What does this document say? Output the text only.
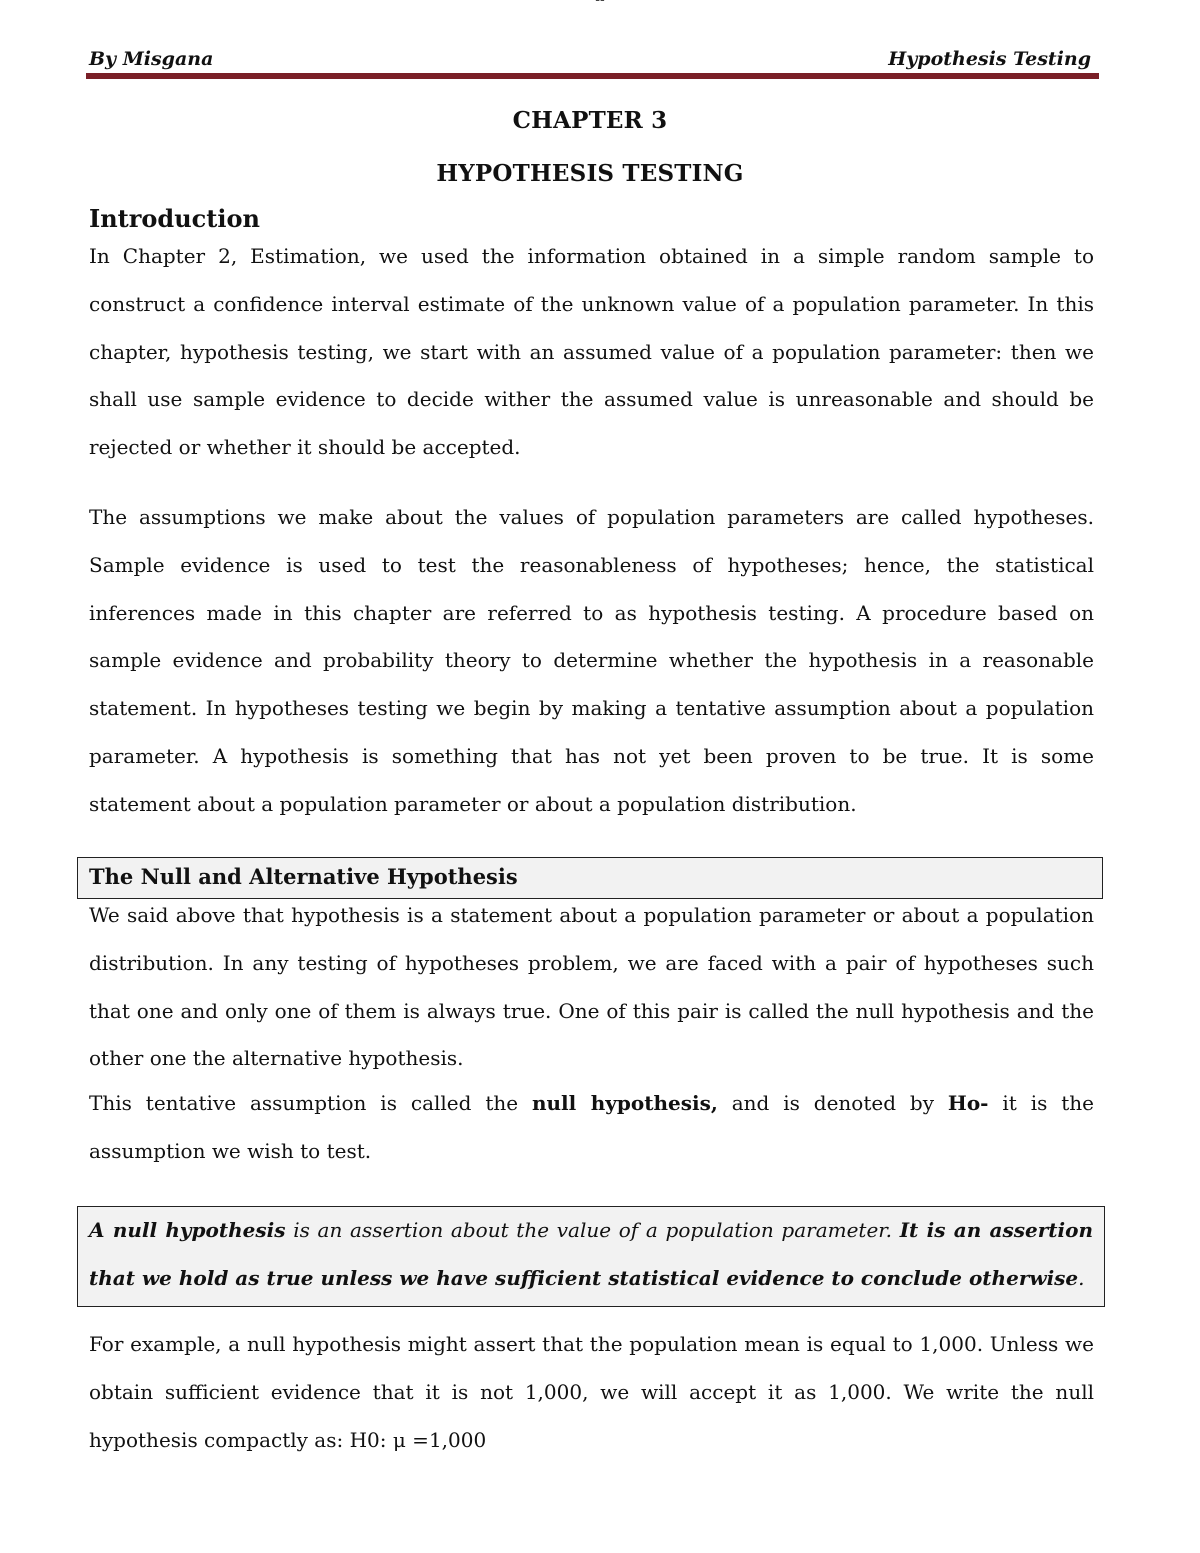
--
By Misgana	Hypothesis Testing
CHAPTER 3
HYPOTHESIS TESTING
Introduction

In Chapter 2, Estimation, we used the information obtained in a simple random sample to construct a confidence interval estimate of the unknown value of a population parameter. In this chapter, hypothesis testing, we start with an assumed value of a population parameter: then we shall use sample evidence to decide wither the assumed value is unreasonable and should be rejected or whether it should be accepted.

The assumptions we make about the values of population parameters are called hypotheses. Sample evidence is used to test the reasonableness of hypotheses; hence, the statistical inferences made in this chapter are referred to as hypothesis testing. A procedure based on sample evidence and probability theory to determine whether the hypothesis in a reasonable statement. In hypotheses testing we begin by making a tentative assumption about a population parameter. A hypothesis is something that has not yet been proven to be true. It is some statement about a population parameter or about a population distribution.

The Null and Alternative Hypothesis

We said above that hypothesis is a statement about a population parameter or about a population distribution. In any testing of hypotheses problem, we are faced with a pair of hypotheses such that one and only one of them is always true. One of this pair is called the null hypothesis and the other one the alternative hypothesis.

This tentative assumption is called the null hypothesis, and is denoted by Ho- it is the assumption we wish to test.

A null hypothesis is an assertion about the value of a population parameter. It is an assertion that we hold as true unless we have sufficient statistical evidence to conclude otherwise.

For example, a null hypothesis might assert that the population mean is equal to 1,000. Unless we obtain sufficient evidence that it is not 1,000, we will accept it as 1,000. We write the null hypothesis compactly as: H0: μ =1,000
